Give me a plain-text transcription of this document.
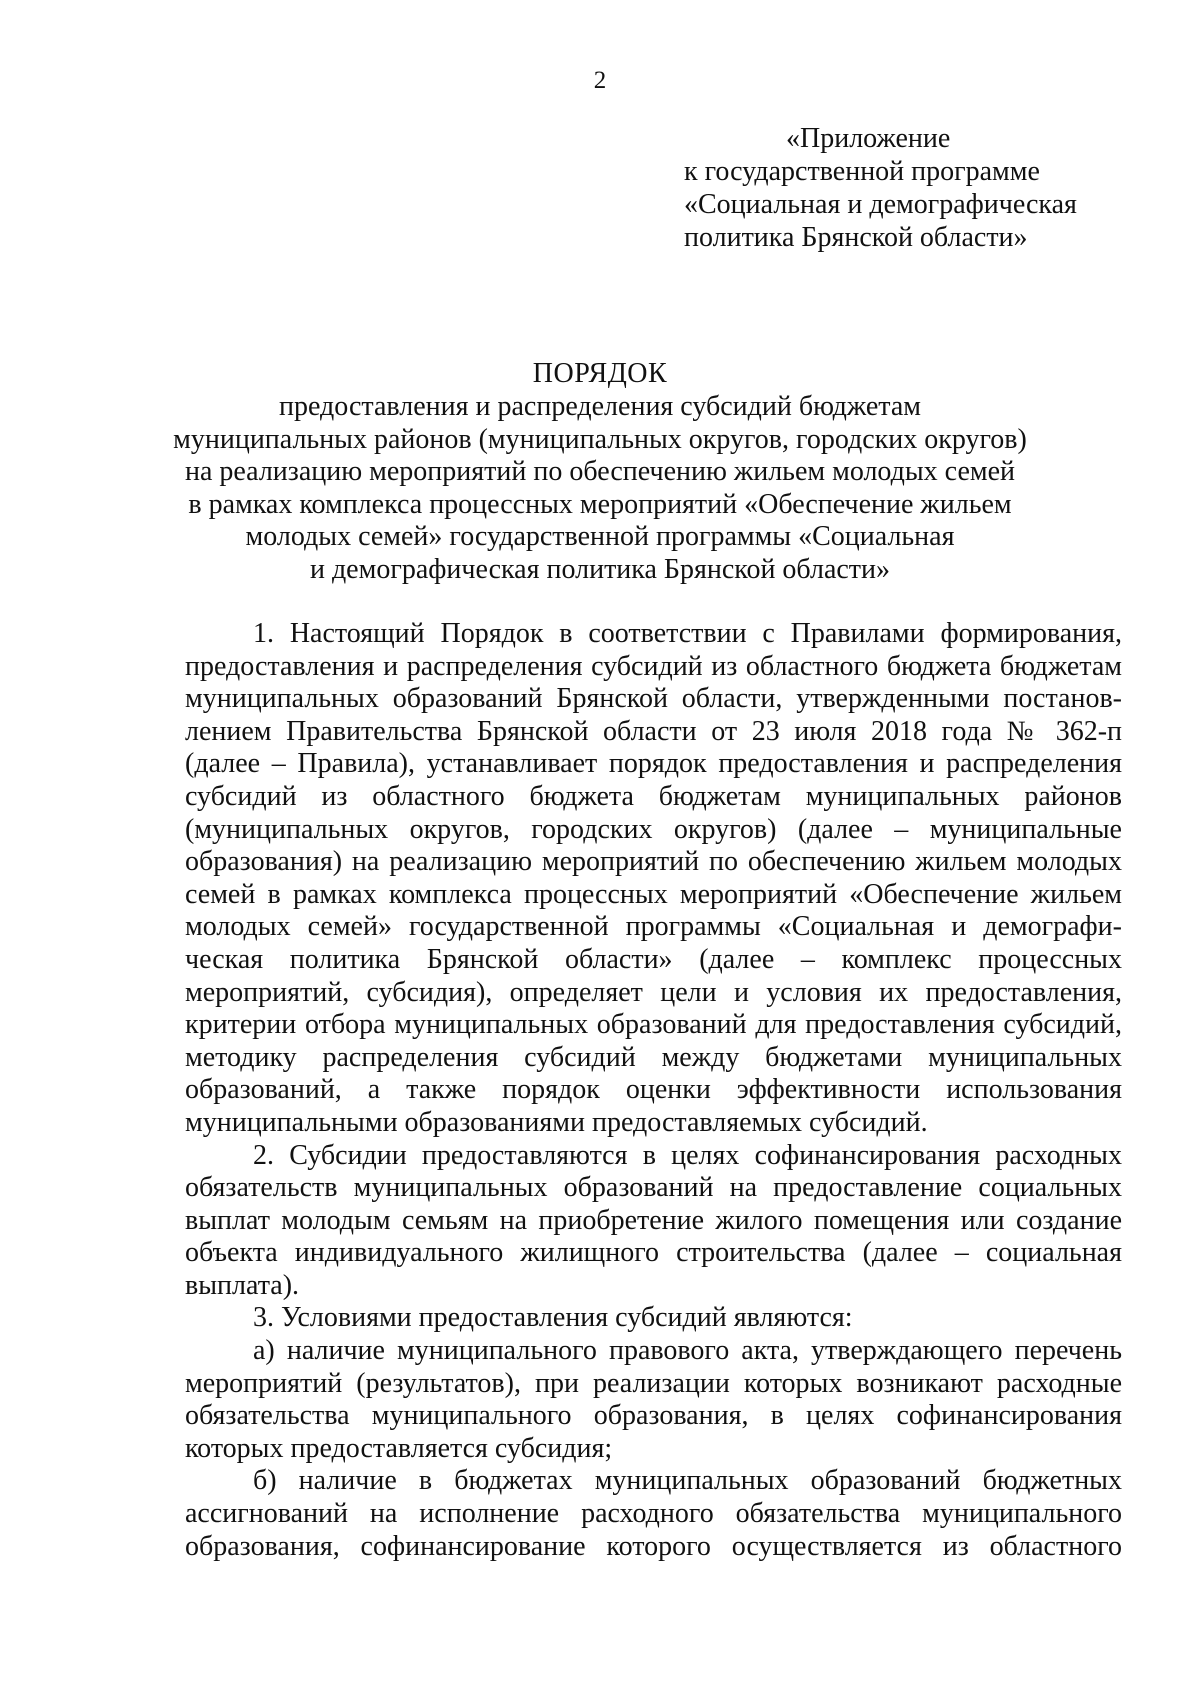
2
«Приложение
к государственной программе
«Социальная и демографическая
политика Брянской области»
ПОРЯДОК
предоставления и распределения субсидий бюджетам
муниципальных районов (муниципальных округов, городских округов)
на реализацию мероприятий по обеспечению жильем молодых семей
в рамках комплекса процессных мероприятий «Обеспечение жильем
молодых семей» государственной программы «Социальная
и демографическая политика Брянской области»
1. Настоящий Порядок в соответствии с Правилами формирования,
предоставления и распределения субсидий из областного бюджета бюджетам
муниципальных образований Брянской области, утвержденными постанов-
лением Правительства Брянской области от 23 июля 2018 года № 362-п
(далее – Правила), устанавливает порядок предоставления и распределения
субсидий из областного бюджета бюджетам муниципальных районов
(муниципальных округов, городских округов) (далее – муниципальные
образования) на реализацию мероприятий по обеспечению жильем молодых
семей в рамках комплекса процессных мероприятий «Обеспечение жильем
молодых семей» государственной программы «Социальная и демографи-
ческая политика Брянской области» (далее – комплекс процессных
мероприятий, субсидия), определяет цели и условия их предоставления,
критерии отбора муниципальных образований для предоставления субсидий,
методику распределения субсидий между бюджетами муниципальных
образований, а также порядок оценки эффективности использования
муниципальными образованиями предоставляемых субсидий.
2. Субсидии предоставляются в целях софинансирования расходных
обязательств муниципальных образований на предоставление социальных
выплат молодым семьям на приобретение жилого помещения или создание
объекта индивидуального жилищного строительства (далее – социальная
выплата).
3. Условиями предоставления субсидий являются:
а) наличие муниципального правового акта, утверждающего перечень
мероприятий (результатов), при реализации которых возникают расходные
обязательства муниципального образования, в целях софинансирования
которых предоставляется субсидия;
б) наличие в бюджетах муниципальных образований бюджетных
ассигнований на исполнение расходного обязательства муниципального
образования, софинансирование которого осуществляется из областного
